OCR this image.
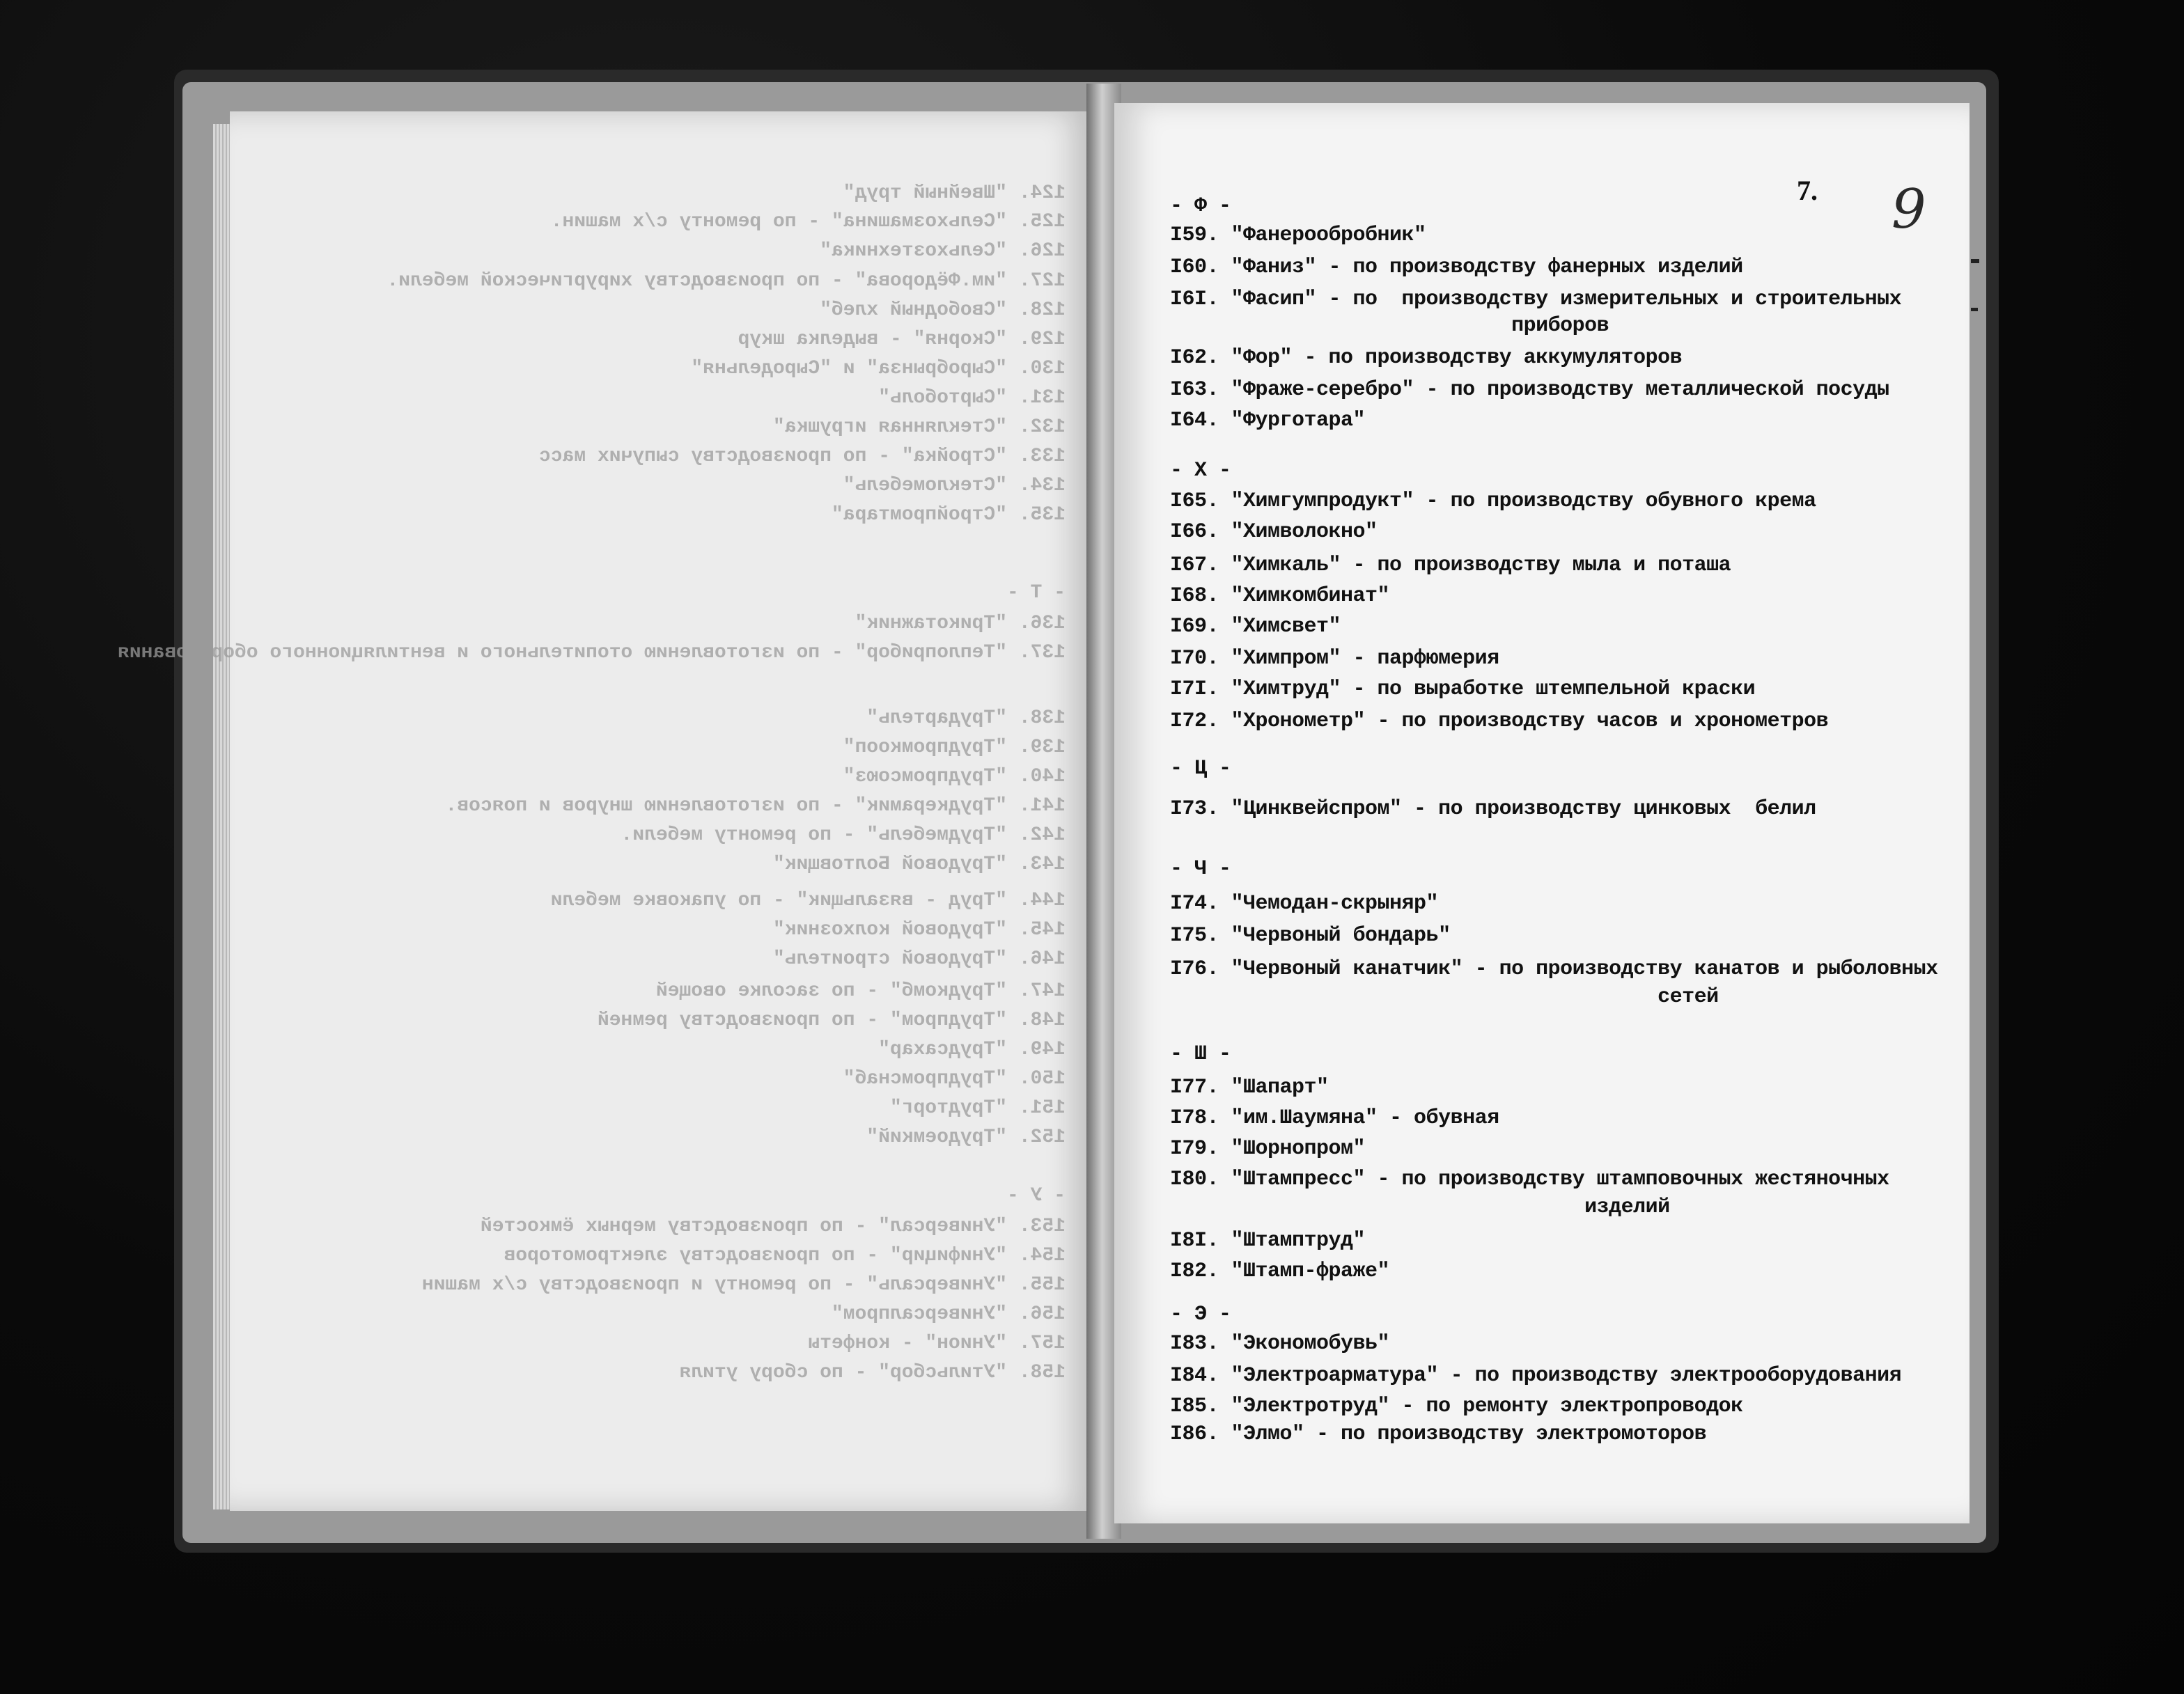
124. "Швейный труд"
125. "Сельхозмашина" - по ремонту с/х машин.
126. "Сельхозтехника"
127. "им.Фёдорова" - по производству хирургической мебели.
128. "Свободный хлеб"
129. "Скорня" - выделка шкур
130. "Сыробрынза" и "Сыродельня"
131. "Сыртоболь"
132. "Стеклянная игрушка"
133. "Стройка" - по производству сыпучих масс
134. "Стекломебель"
135. "Стройпромтара"
- Т -
136. "Трикотажник"
137. "Теплоприбор" - по изготовлению отопительного и вентиляционного оборудования
138. "Трудартель"
139. "Трудпромкооп"
140. "Трудпромсоюз"
141. "Трудкерамик" - по изготовлению шнуров и поясов.
142. "Трудмебель" - по ремонту мебели.
143. "Трудовой Болтовщик"
144. "Труд - вязальщик" - по упаковке мебели
145. "Трудовой колхозник"
146. "Трудовой строитель"
147. "Трудкомб" - по засолке овощей
148. "Трудпром" - по производству ремней
149. "Трудсахар"
150. "Трудпромснаб"
151. "Трудторг"
152. "Трудоемкий"
- У -
153. "Универсал" - по производству мерных ёмкостей
154. "Унифицир" - по производству электромоторов
155. "Универсаль" - по ремонту и производству с/х машин
156. "Универсалпром"
157. "Унион" - конфеты
158. "Утильсбор" - по сбору утиля
7. 9
- Ф -
I59. "Фанерообробник"
I60. "Фаниз" - по производству фанерных изделий
I6I. "Фасип" - по  производству измерительных и строительных
приборов
I62. "Фор" - по производству аккумуляторов
I63. "Фраже-серебро" - по производству металлической посуды
I64. "Фурготара"
- Х -
I65. "Химгумпродукт" - по производству обувного крема
I66. "Химволокно"
I67. "Химкаль" - по производству мыла и поташа
I68. "Химкомбинат"
I69. "Химсвет"
I70. "Химпром" - парфюмерия
I7I. "Химтруд" - по выработке штемпельной краски
I72. "Хронометр" - по производству часов и хронометров
- Ц -
I73. "Цинквейспром" - по производству цинковых  белил
- Ч -
I74. "Чемодан-скрыняр"
I75. "Червоный бондарь"
I76. "Червоный канатчик" - по производству канатов и рыболовных
сетей
- Ш -
I77. "Шапарт"
I78. "им.Шаумяна" - обувная
I79. "Шорнопром"
I80. "Штампресс" - по производству штамповочных жестяночных
изделий
I8I. "Штамптруд"
I82. "Штамп-фраже"
- Э -
I83. "Экономобувь"
I84. "Электроарматура" - по производству электрооборудования
I85. "Электротруд" - по ремонту электропроводок
I86. "Элмо" - по производству электромоторов
